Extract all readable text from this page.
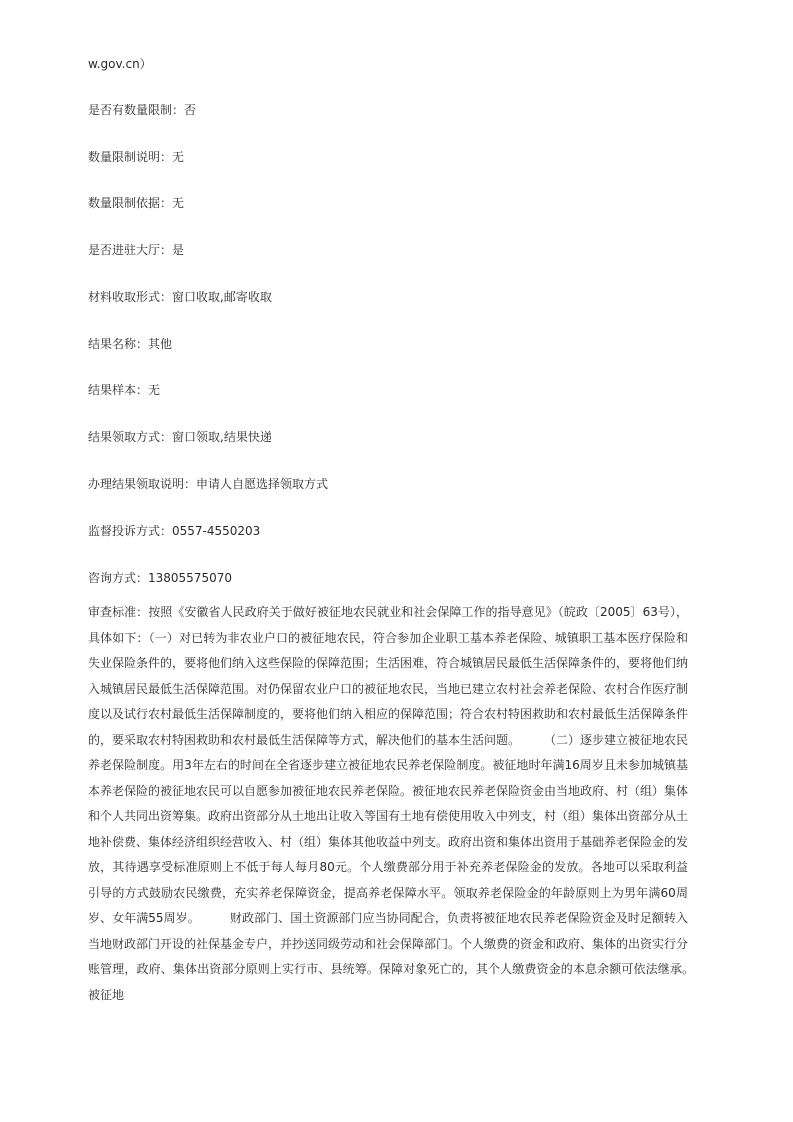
w.gov.cn）
是否有数量限制：否
数量限制说明：无
数量限制依据：无
是否进驻大厅：是
材料收取形式：窗口收取,邮寄收取
结果名称：其他
结果样本：无
结果领取方式：窗口领取,结果快递
办理结果领取说明：申请人自愿选择领取方式
监督投诉方式：0557-4550203
咨询方式：13805575070
审查标准：按照《安徽省人民政府关于做好被征地农民就业和社会保障工作的指导意见》（皖政〔2005〕63号），具体如下：（一）对已转为非农业户口的被征地农民，符合参加企业职工基本养老保险、城镇职工基本医疗保险和失业保险条件的，要将他们纳入这些保险的保障范围；生活困难，符合城镇居民最低生活保障条件的，要将他们纳入城镇居民最低生活保障范围。对仍保留农业户口的被征地农民，当地已建立农村社会养老保险、农村合作医疗制度以及试行农村最低生活保障制度的，要将他们纳入相应的保障范围；符合农村特困救助和农村最低生活保障条件的，要采取农村特困救助和农村最低生活保障等方式，解决他们的基本生活问题。　　　（二）逐步建立被征地农民养老保险制度。用3年左右的时间在全省逐步建立被征地农民养老保险制度。被征地时年满16周岁且未参加城镇基本养老保险的被征地农民可以自愿参加被征地农民养老保险。被征地农民养老保险资金由当地政府、村（组）集体和个人共同出资筹集。政府出资部分从土地出让收入等国有土地有偿使用收入中列支，村（组）集体出资部分从土地补偿费、集体经济组织经营收入、村（组）集体其他收益中列支。政府出资和集体出资用于基础养老保险金的发放，其待遇享受标准原则上不低于每人每月80元。个人缴费部分用于补充养老保险金的发放。各地可以采取利益引导的方式鼓励农民缴费，充实养老保障资金，提高养老保障水平。领取养老保险金的年龄原则上为男年满60周岁、女年满55周岁。　　　财政部门、国土资源部门应当协同配合，负责将被征地农民养老保险资金及时足额转入当地财政部门开设的社保基金专户，并抄送同级劳动和社会保障部门。个人缴费的资金和政府、集体的出资实行分账管理，政府、集体出资部分原则上实行市、县统筹。保障对象死亡的，其个人缴费资金的本息余额可依法继承。　　　被征地
